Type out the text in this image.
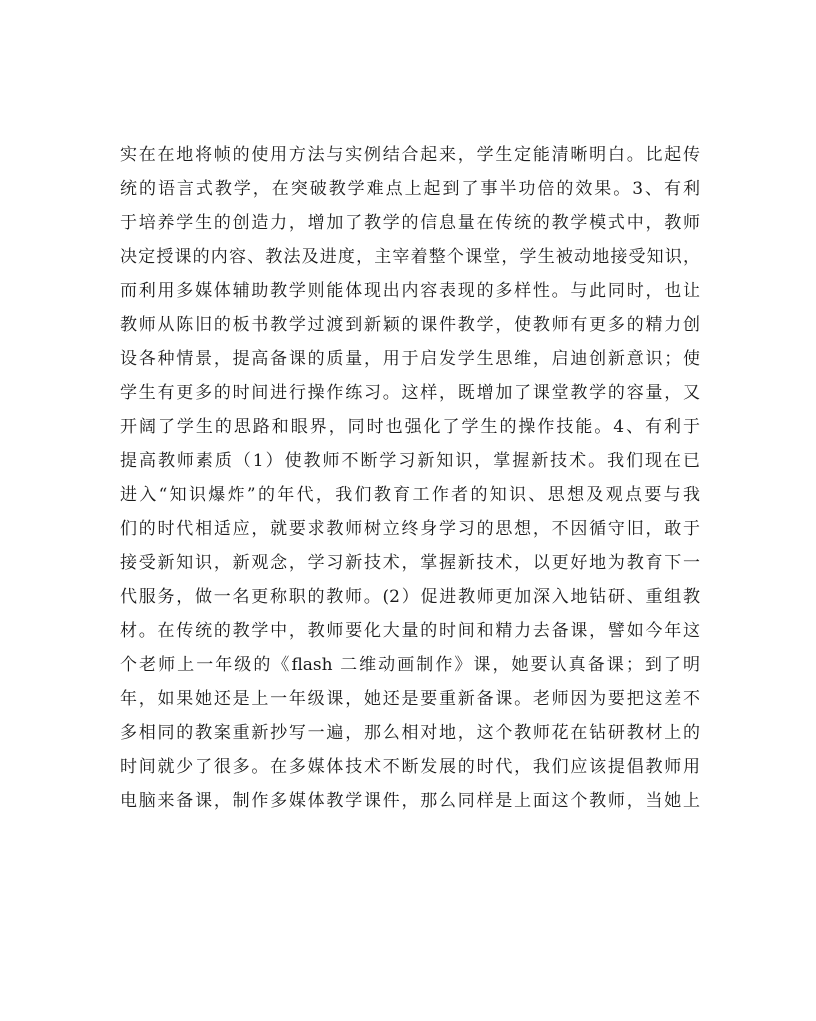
实在在地将帧的使用方法与实例结合起来，学生定能清晰明白。比起传
统的语言式教学，在突破教学难点上起到了事半功倍的效果。3、有利
于培养学生的创造力，增加了教学的信息量在传统的教学模式中，教师
决定授课的内容、教法及进度，主宰着整个课堂，学生被动地接受知识，
而利用多媒体辅助教学则能体现出内容表现的多样性。与此同时，也让
教师从陈旧的板书教学过渡到新颖的课件教学，使教师有更多的精力创
设各种情景，提高备课的质量，用于启发学生思维，启迪创新意识；使
学生有更多的时间进行操作练习。这样，既增加了课堂教学的容量，又
开阔了学生的思路和眼界，同时也强化了学生的操作技能。4、有利于
提高教师素质（1）使教师不断学习新知识，掌握新技术。我们现在已
进入“知识爆炸”的年代，我们教育工作者的知识、思想及观点要与我
们的时代相适应，就要求教师树立终身学习的思想，不因循守旧，敢于
接受新知识，新观念，学习新技术，掌握新技术，以更好地为教育下一
代服务，做一名更称职的教师。(2）促进教师更加深入地钻研、重组教
材。在传统的教学中，教师要化大量的时间和精力去备课，譬如今年这
个老师上一年级的《flash 二维动画制作》课，她要认真备课；到了明
年，如果她还是上一年级课，她还是要重新备课。老师因为要把这差不
多相同的教案重新抄写一遍，那么相对地，这个教师花在钻研教材上的
时间就少了很多。在多媒体技术不断发展的时代，我们应该提倡教师用
电脑来备课，制作多媒体教学课件，那么同样是上面这个教师，当她上
